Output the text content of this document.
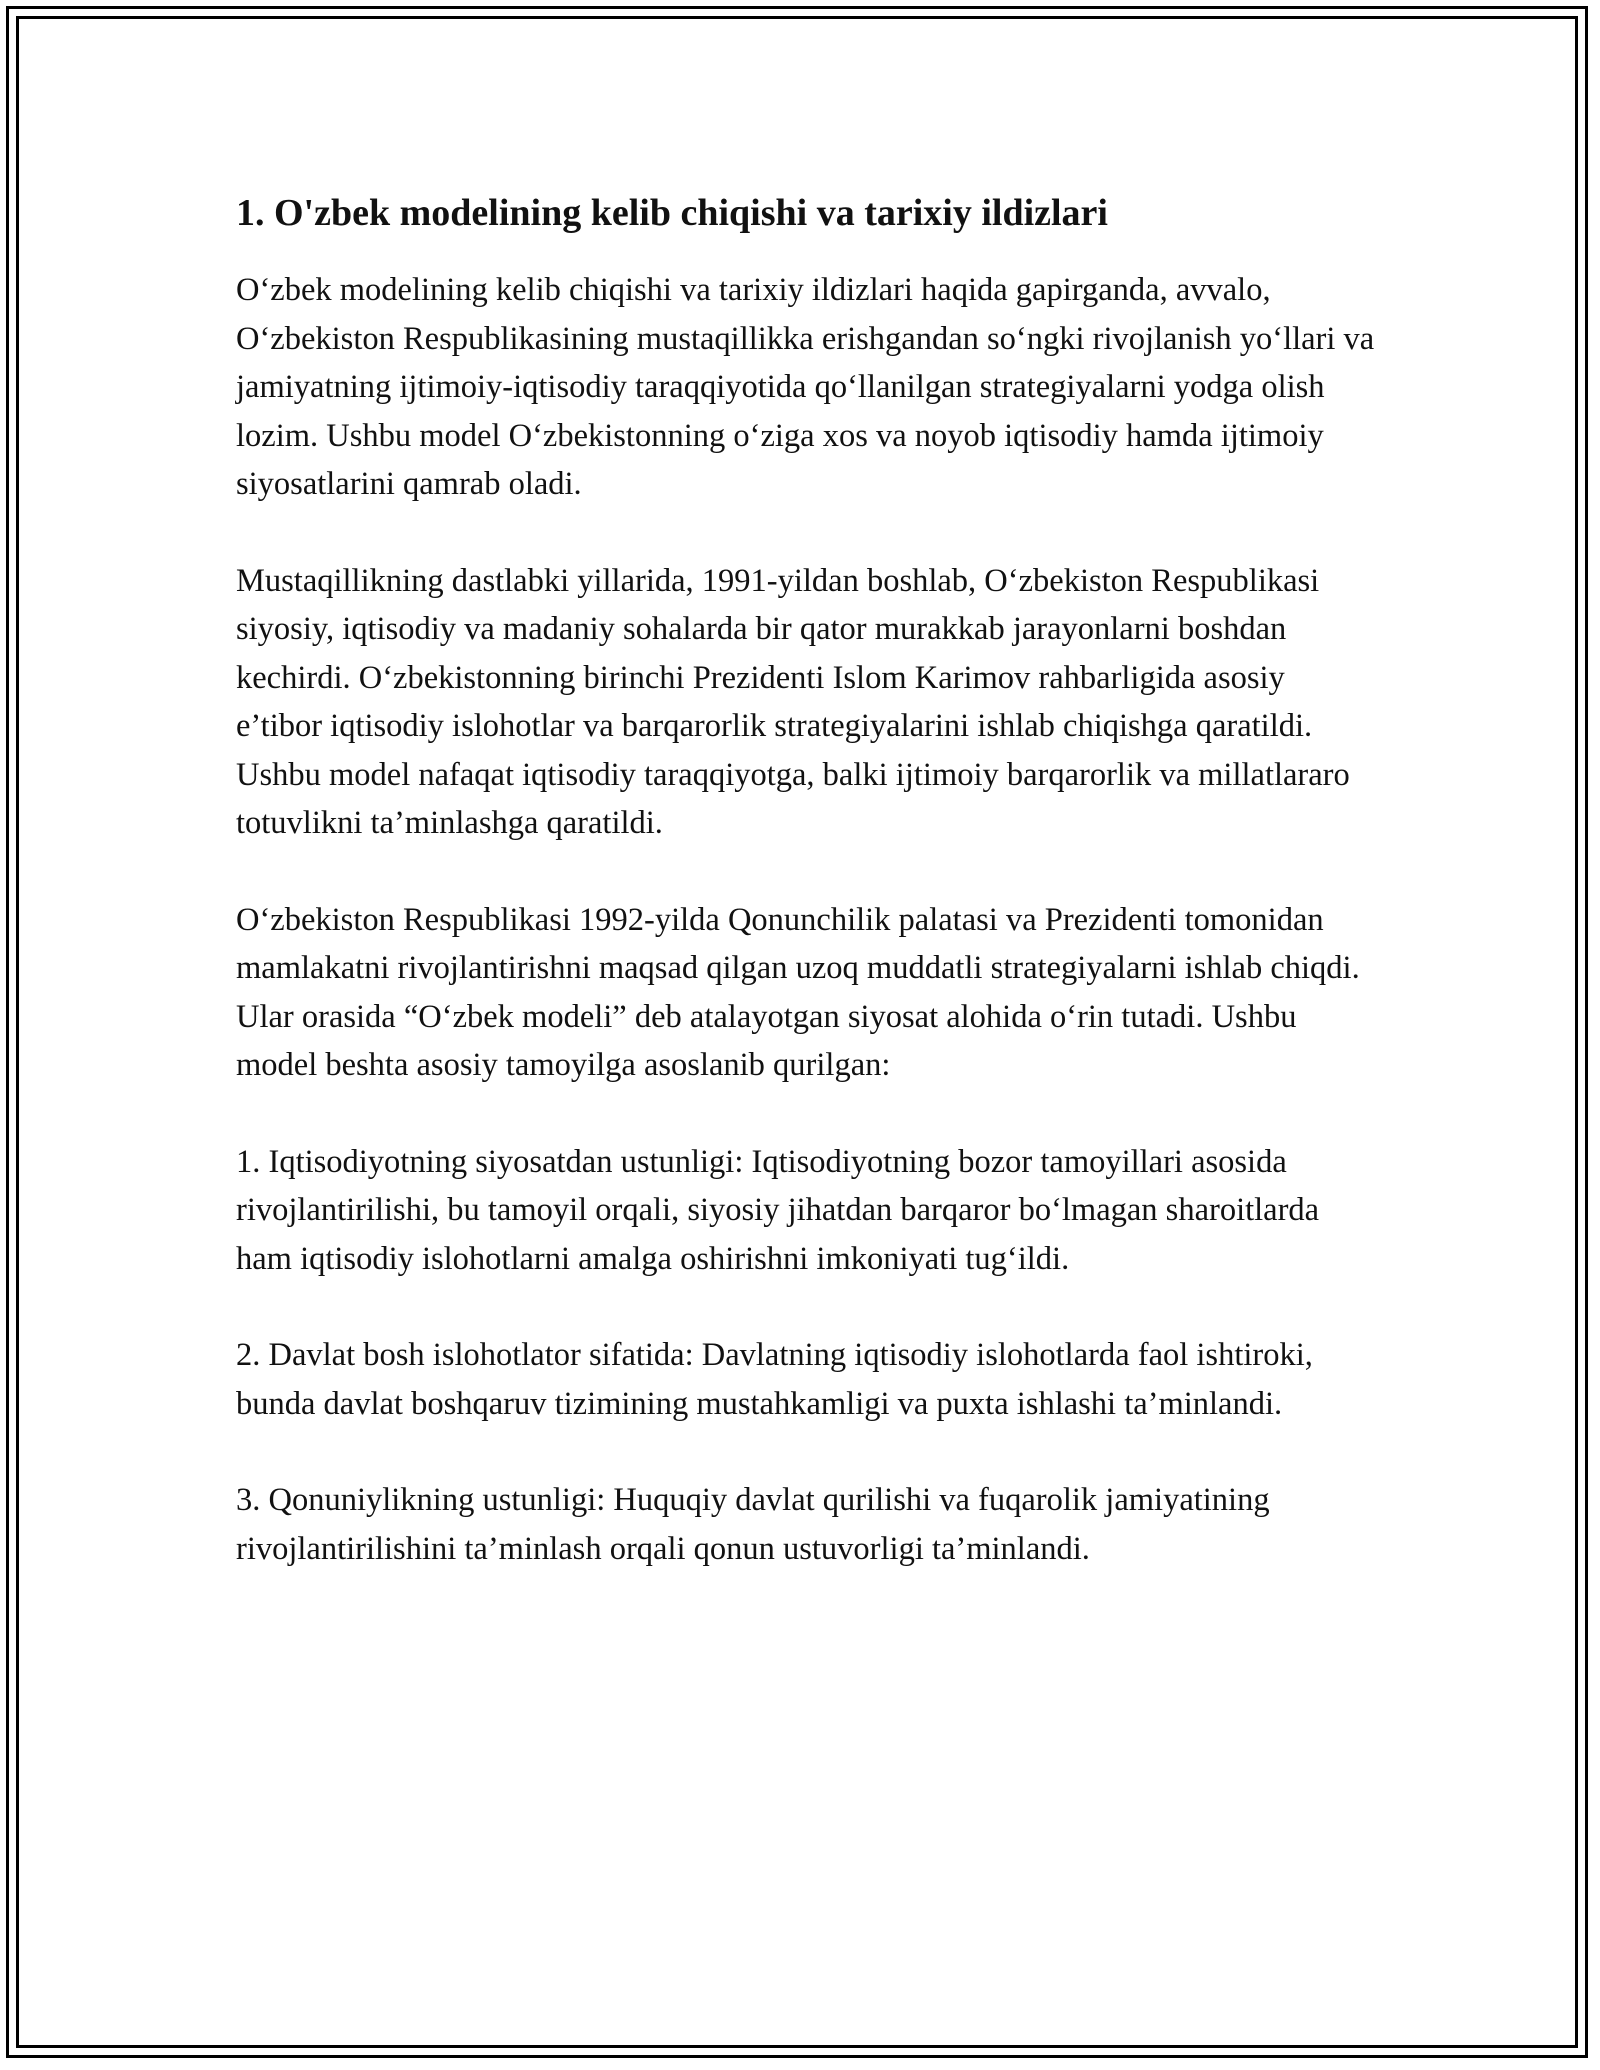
1. O'zbek modelining kelib chiqishi va tarixiy ildizlari

O‘zbek modelining kelib chiqishi va tarixiy ildizlari haqida gapirganda, avvalo, O‘zbekiston Respublikasining mustaqillikka erishgandan so‘ngki rivojlanish yo‘llari va jamiyatning ijtimoiy-iqtisodiy taraqqiyotida qo‘llanilgan strategiyalarni yodga olish lozim. Ushbu model O‘zbekistonning o‘ziga xos va noyob iqtisodiy hamda ijtimoiy siyosatlarini qamrab oladi.

Mustaqillikning dastlabki yillarida, 1991-yildan boshlab, O‘zbekiston Respublikasi siyosiy, iqtisodiy va madaniy sohalarda bir qator murakkab jarayonlarni boshdan kechirdi. O‘zbekistonning birinchi Prezidenti Islom Karimov rahbarligida asosiy e’tibor iqtisodiy islohotlar va barqarorlik strategiyalarini ishlab chiqishga qaratildi. Ushbu model nafaqat iqtisodiy taraqqiyotga, balki ijtimoiy barqarorlik va millatlararo totuvlikni ta’minlashga qaratildi.

O‘zbekiston Respublikasi 1992-yilda Qonunchilik palatasi va Prezidenti tomonidan mamlakatni rivojlantirishni maqsad qilgan uzoq muddatli strategiyalarni ishlab chiqdi. Ular orasida “O‘zbek modeli” deb atalayotgan siyosat alohida o‘rin tutadi. Ushbu model beshta asosiy tamoyilga asoslanib qurilgan:

1. Iqtisodiyotning siyosatdan ustunligi: Iqtisodiyotning bozor tamoyillari asosida rivojlantirilishi, bu tamoyil orqali, siyosiy jihatdan barqaror bo‘lmagan sharoitlarda ham iqtisodiy islohotlarni amalga oshirishni imkoniyati tug‘ildi.

2. Davlat bosh islohotlator sifatida: Davlatning iqtisodiy islohotlarda faol ishtiroki, bunda davlat boshqaruv tizimining mustahkamligi va puxta ishlashi ta’minlandi.

3. Qonuniylikning ustunligi: Huquqiy davlat qurilishi va fuqarolik jamiyatining rivojlantirilishini ta’minlash orqali qonun ustuvorligi ta’minlandi.
